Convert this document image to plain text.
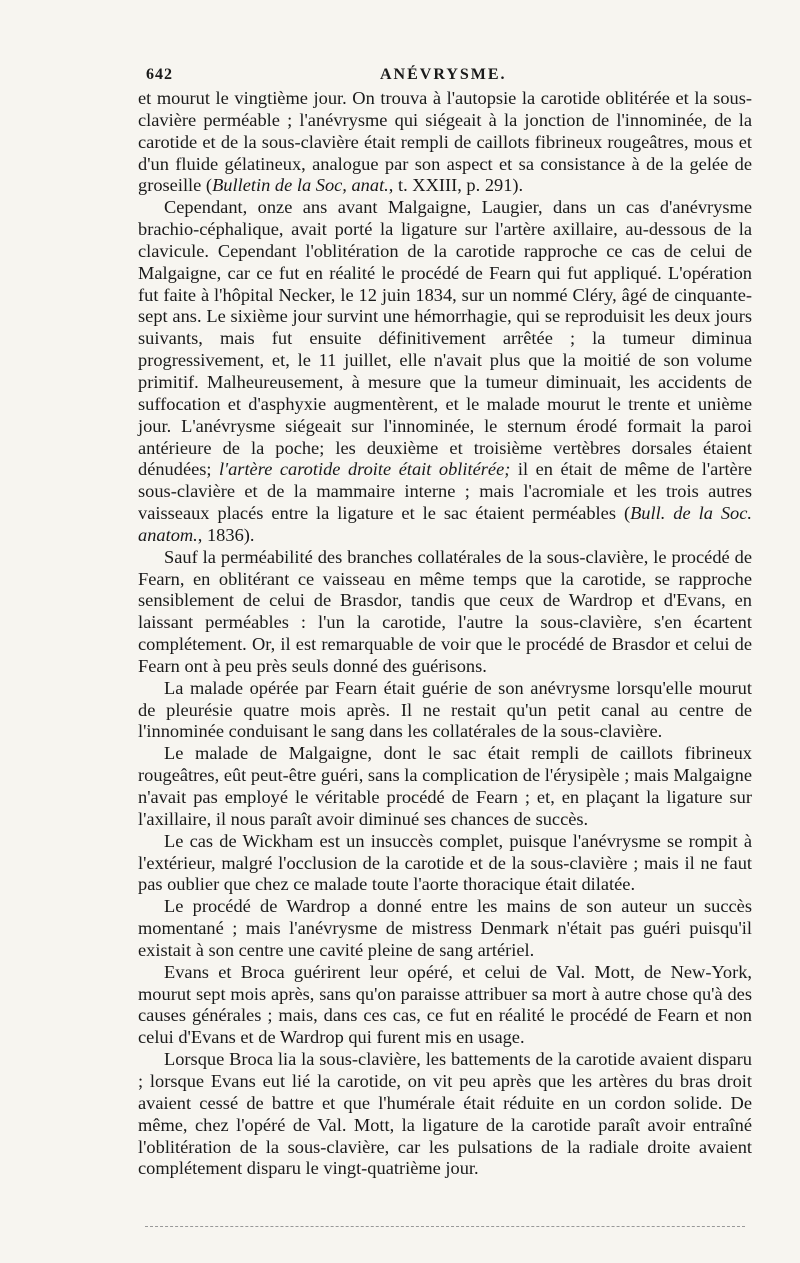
642	ANÉVRYSME.

et mourut le vingtième jour. On trouva à l'autopsie la carotide oblitérée et la sous-clavière perméable ; l'anévrysme qui siégeait à la jonction de l'innominée, de la carotide et de la sous-clavière était rempli de caillots fibrineux rougeâtres, mous et d'un fluide gélatineux, analogue par son aspect et sa consistance à de la gelée de groseille (Bulletin de la Soc, anat., t. XXIII, p. 291).

Cependant, onze ans avant Malgaigne, Laugier, dans un cas d'anévrysme brachio-céphalique, avait porté la ligature sur l'artère axillaire, au-dessous de la clavicule. Cependant l'oblitération de la carotide rapproche ce cas de celui de Malgaigne, car ce fut en réalité le procédé de Fearn qui fut appliqué. L'opération fut faite à l'hôpital Necker, le 12 juin 1834, sur un nommé Cléry, âgé de cinquante-sept ans. Le sixième jour survint une hémorrhagie, qui se reproduisit les deux jours suivants, mais fut ensuite définitivement arrêtée ; la tumeur diminua progressivement, et, le 11 juillet, elle n'avait plus que la moitié de son volume primitif. Malheureusement, à mesure que la tumeur diminuait, les accidents de suffocation et d'asphyxie augmentèrent, et le malade mourut le trente et unième jour. L'anévrysme siégeait sur l'innominée, le sternum érodé formait la paroi antérieure de la poche; les deuxième et troisième vertèbres dorsales étaient dénudées; l'artère carotide droite était oblitérée; il en était de même de l'artère sous-clavière et de la mammaire interne ; mais l'acromiale et les trois autres vaisseaux placés entre la ligature et le sac étaient perméables (Bull. de la Soc. anatom., 1836).

Sauf la perméabilité des branches collatérales de la sous-clavière, le procédé de Fearn, en oblitérant ce vaisseau en même temps que la carotide, se rapproche sensiblement de celui de Brasdor, tandis que ceux de Wardrop et d'Evans, en laissant perméables : l'un la carotide, l'autre la sous-clavière, s'en écartent complétement. Or, il est remarquable de voir que le procédé de Brasdor et celui de Fearn ont à peu près seuls donné des guérisons.

La malade opérée par Fearn était guérie de son anévrysme lorsqu'elle mourut de pleurésie quatre mois après. Il ne restait qu'un petit canal au centre de l'innominée conduisant le sang dans les collatérales de la sous-clavière.

Le malade de Malgaigne, dont le sac était rempli de caillots fibrineux rougeâtres, eût peut-être guéri, sans la complication de l'érysipèle ; mais Malgaigne n'avait pas employé le véritable procédé de Fearn ; et, en plaçant la ligature sur l'axillaire, il nous paraît avoir diminué ses chances de succès.

Le cas de Wickham est un insuccès complet, puisque l'anévrysme se rompit à l'extérieur, malgré l'occlusion de la carotide et de la sous-clavière ; mais il ne faut pas oublier que chez ce malade toute l'aorte thoracique était dilatée.

Le procédé de Wardrop a donné entre les mains de son auteur un succès momentané ; mais l'anévrysme de mistress Denmark n'était pas guéri puisqu'il existait à son centre une cavité pleine de sang artériel.

Evans et Broca guérirent leur opéré, et celui de Val. Mott, de New-York, mourut sept mois après, sans qu'on paraisse attribuer sa mort à autre chose qu'à des causes générales ; mais, dans ces cas, ce fut en réalité le procédé de Fearn et non celui d'Evans et de Wardrop qui furent mis en usage.

Lorsque Broca lia la sous-clavière, les battements de la carotide avaient disparu ; lorsque Evans eut lié la carotide, on vit peu après que les artères du bras droit avaient cessé de battre et que l'humérale était réduite en un cordon solide. De même, chez l'opéré de Val. Mott, la ligature de la carotide paraît avoir entraîné l'oblitération de la sous-clavière, car les pulsations de la radiale droite avaient complétement disparu le vingt-quatrième jour.
